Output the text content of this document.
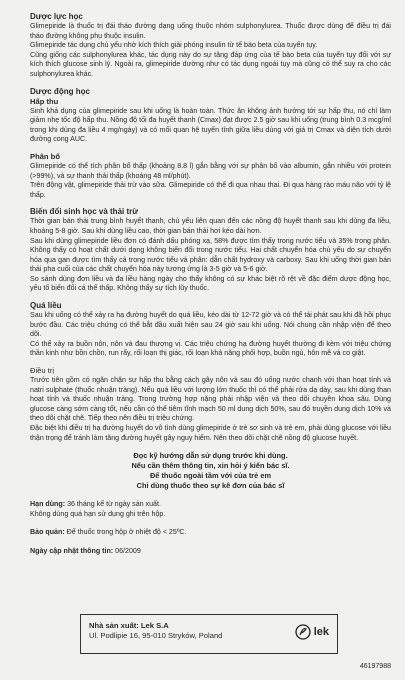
Dược lực học

Glimepiride là thuốc trị đái tháo đường dạng uống thuộc nhóm sulphonylurea. Thuốc được dùng để điều trị đái tháo đường không phụ thuộc insulin.

Glimepiride tác dụng chủ yếu nhờ kích thích giải phóng insulin từ tế bào beta của tuyến tụy.

Cũng giống các sulphonylurea khác, tác dụng này do sự tăng đáp ứng của tế bào beta của tuyến tụy đối với sự kích thích glucose sinh lý. Ngoài ra, glimepiride dường như có tác dụng ngoài tụy mà cũng có thể suy ra cho các sulphonylurea khác.

Dược động học
Hấp thu

Sinh khả dụng của glimepiride sau khi uống là hoàn toàn. Thức ăn không ảnh hưởng tới sự hấp thu, nó chỉ làm giảm nhẹ tốc độ hấp thu. Nồng độ tối đa huyết thanh (Cmax) đạt được 2.5 giờ sau khi uống (trung bình 0.3 mcg/ml trong khi dùng đa liều 4 mg/ngày) và có mối quan hệ tuyến tính giữa liều dùng với giá trị Cmax và diện tích dưới đường cong AUC.

Phân bố

Glimepiride có thể tích phân bố thấp (khoảng 8.8 l) gắn bằng với sự phân bố vào albumin, gắn nhiều với protein (>99%), và sự thanh thải thấp (khoảng 48 ml/phút).

Trên động vật, glimepiride thải trừ vào sữa. Glimepiride có thể đi qua nhau thai. Đi qua hàng rào máu não với tỷ lệ thấp.

Biến đổi sinh học và thải trừ

Thời gian bán thải trung bình huyết thanh, chủ yếu liên quan đến các nồng độ huyết thanh sau khi dùng đa liều, khoảng 5-8 giờ. Sau khi dùng liều cao, thời gian bán thải hơi kéo dài hơn.

Sau khi dùng glimepiride liều đơn có đánh dấu phóng xạ, 58% được tìm thấy trong nước tiểu và 35% trong phân. Không thấy có hoạt chất dưới dạng không biến đổi trong nước tiểu. Hai chất chuyển hóa chủ yếu do sự chuyển hóa qua gan được tìm thấy cả trong nước tiểu và phân: dẫn chất hydroxy và carboxy. Sau khi uống thời gian bán thải pha cuối của các chất chuyển hóa này tương ứng là 3-5 giờ và 5-6 giờ.

So sánh dùng đơn liều và đa liều hàng ngày cho thấy không có sự khác biệt rõ rệt về đặc điểm dược động học, yếu tố biến đổi cá thể thấp. Không thấy sự tích lũy thuốc.

Quá liều

Sau khi uống có thể xảy ra hạ đường huyết do quá liều, kéo dài từ 12-72 giờ và có thể tái phát sau khi đã hồi phục bước đầu. Các triệu chứng có thể bắt đầu xuất hiện sau 24 giờ sau khi uống. Nói chung cần nhập viện để theo dõi.

Có thể xảy ra buồn nôn, nôn và đau thượng vị. Các triệu chứng hạ đường huyết thường đi kèm với triệu chứng thần kinh như bồn chồn, run rẩy, rối loạn thị giác, rối loạn khả năng phối hợp, buồn ngủ, hôn mê và co giật.

Điều trị

Trước tiên gồm có ngăn chặn sự hấp thu bằng cách gây nôn và sau đó uống nước chanh với than hoạt tính và natri sulphate (thuốc nhuận tràng). Nếu quá liều với lượng lớn thuốc thì có thể phải rửa dạ dày, sau khi dùng than hoạt tính và thuốc nhuận tràng. Trong trường hợp nặng phải nhập viện và theo dõi chuyên khoa sâu. Dùng glucose càng sớm càng tốt, nếu cần có thể tiêm tĩnh mạch 50 ml dung dịch 50%, sau đó truyền dung dịch 10% và theo dõi chặt chẽ. Tiếp theo nên điều trị triệu chứng.

Đặc biệt khi điều trị hạ đường huyết do vô tình dùng glimepiride ở trẻ sơ sinh và trẻ em, phải dùng glucose với liều thận trọng để tránh làm tăng đường huyết gây nguy hiểm. Nên theo dõi chặt chẽ nồng độ glucose huyết.

Đọc kỹ hướng dẫn sử dụng trước khi dùng.
Nếu cần thêm thông tin, xin hỏi ý kiến bác sĩ.
Để thuốc ngoài tầm với của trẻ em
Chỉ dùng thuốc theo sự kê đơn của bác sĩ
Hạn dùng: 36 tháng kể từ ngày sản xuất.
Không dùng quá hạn sử dụng ghi trên hộp.
Bảo quản: Để thuốc trong hộp ở nhiệt độ < 25ºC.
Ngày cập nhật thông tin: 06/2009
Nhà sản xuất: Lek S.A
Ul. Podlipie 16, 95-010 Stryków, Poland	lek
46197988
